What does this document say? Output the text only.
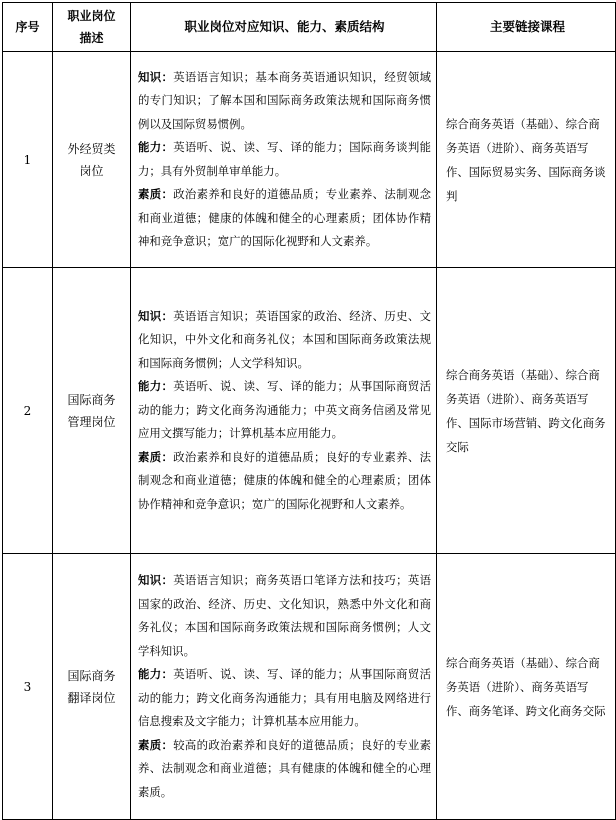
序号	职业岗位描述	职业岗位对应知识、能力、素质结构	主要链接课程
1	外经贸类岗位	知识：英语语言知识；基本商务英语通识知识，经贸领域的专门知识；了解本国和国际商务政策法规和国际商务惯例以及国际贸易惯例。

能力：英语听、说、读、写、译的能力；国际商务谈判能力；具有外贸制单审单能力。

素质：政治素养和良好的道德品质；专业素养、法制观念和商业道德；健康的体魄和健全的心理素质；团体协作精神和竞争意识；宽广的国际化视野和人文素养。	综合商务英语（基础）、综合商务英语（进阶）、商务英语写作、国际贸易实务、国际商务谈判
2	国际商务管理岗位	知识：英语语言知识；英语国家的政治、经济、历史、文化知识，中外文化和商务礼仪；本国和国际商务政策法规和国际商务惯例；人文学科知识。

能力：英语听、说、读、写、译的能力；从事国际商贸活动的能力；跨文化商务沟通能力；中英文商务信函及常见应用文撰写能力；计算机基本应用能力。

素质：政治素养和良好的道德品质；良好的专业素养、法制观念和商业道德；健康的体魄和健全的心理素质；团体协作精神和竞争意识；宽广的国际化视野和人文素养。	综合商务英语（基础）、综合商务英语（进阶）、商务英语写作、国际市场营销、跨文化商务交际
3	国际商务翻译岗位	知识：英语语言知识；商务英语口笔译方法和技巧；英语国家的政治、经济、历史、文化知识，熟悉中外文化和商务礼仪；本国和国际商务政策法规和国际商务惯例；人文学科知识。

能力：英语听、说、读、写、译的能力；从事国际商贸活动的能力；跨文化商务沟通能力；具有用电脑及网络进行信息搜索及文字能力；计算机基本应用能力。

素质：较高的政治素养和良好的道德品质；良好的专业素养、法制观念和商业道德；具有健康的体魄和健全的心理素质。	综合商务英语（基础）、综合商务英语（进阶）、商务英语写作、商务笔译、跨文化商务交际
